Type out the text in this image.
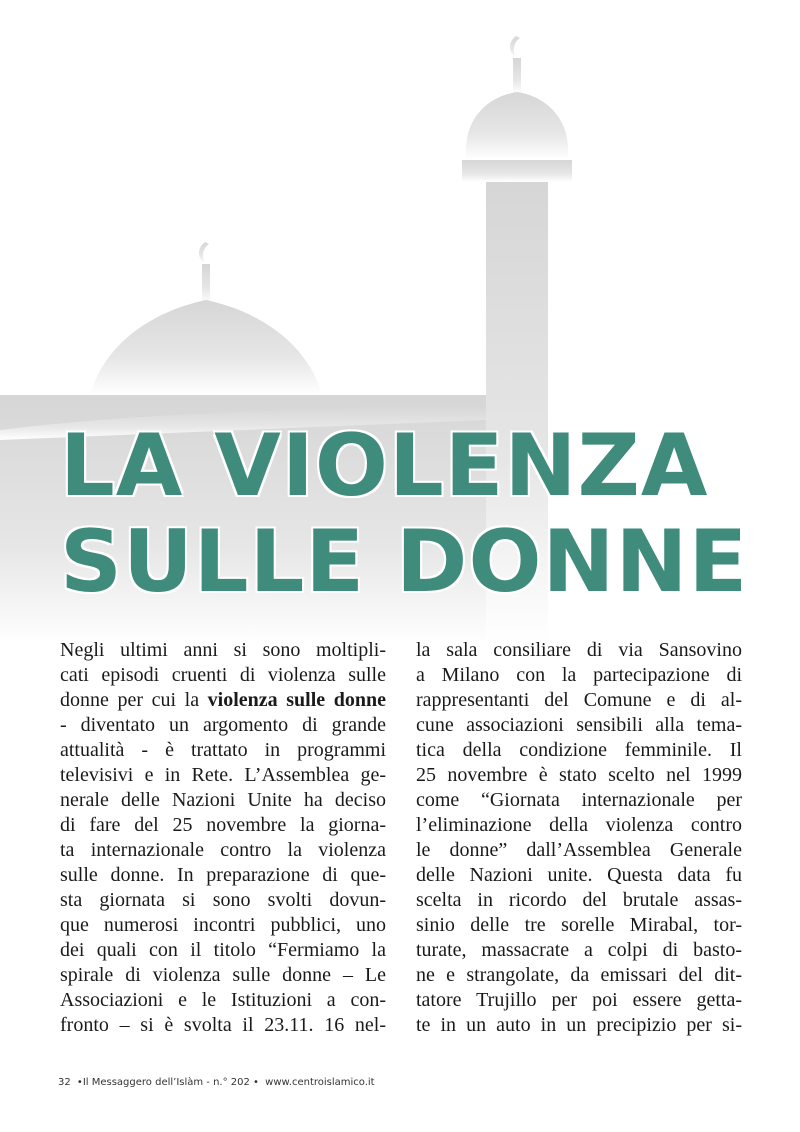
LA VIOLENZA
SULLE DONNE
Negli ultimi anni si sono moltipli-
cati episodi cruenti di violenza sulle
donne per cui la violenza sulle donne
- diventato un argomento di grande
attualità - è trattato in programmi
televisivi e in Rete. L’Assemblea ge-
nerale delle Nazioni Unite ha deciso
di fare del 25 novembre la giorna-
ta internazionale contro la violenza
sulle donne. In preparazione di que-
sta giornata si sono svolti dovun-
que numerosi incontri pubblici, uno
dei quali con il titolo “Fermiamo la
spirale di violenza sulle donne – Le
Associazioni e le Istituzioni a con-
fronto – si è svolta il 23.11. 16 nel-
la sala consiliare di via Sansovino
a Milano con la partecipazione di
rappresentanti del Comune e di al-
cune associazioni sensibili alla tema-
tica della condizione femminile. Il
25 novembre è stato scelto nel 1999
come “Giornata internazionale per
l’eliminazione della violenza contro
le donne” dall’Assemblea Generale
delle Nazioni unite. Questa data fu
scelta in ricordo del brutale assas-
sinio delle tre sorelle Mirabal, tor-
turate, massacrate a colpi di basto-
ne e strangolate, da emissari del dit-
tatore Trujillo per poi essere getta-
te in un auto in un precipizio per si-
32 •Il Messaggero dell’Islàm - n.° 202 • www.centroislamico.it
